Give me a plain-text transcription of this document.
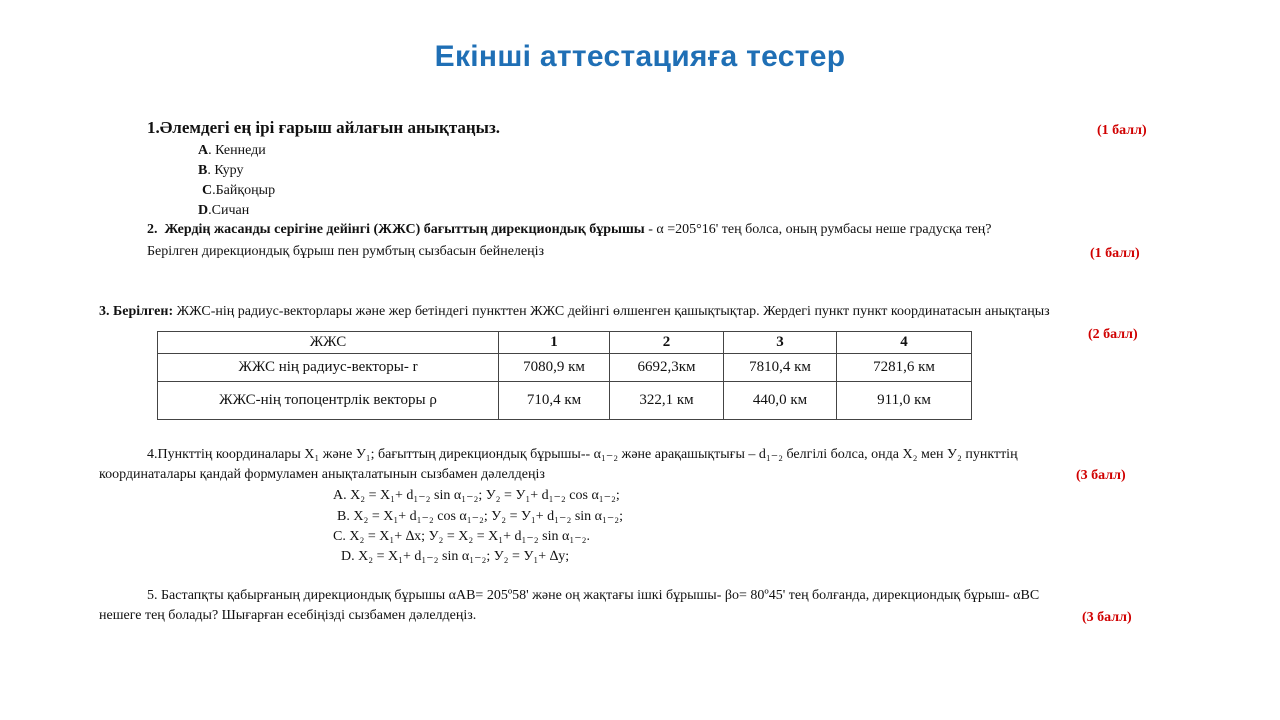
Екінші аттестацияға тестер
1.Әлемдегі ең ірі ғарыш айлағын анықтаңыз.	(1 балл)
A. Кеннеди
B. Куру
C.Байқоңыр
D.Сичан
2. Жердің жасанды серігіне дейінгі (ЖЖС) бағыттың дирекциондық бұрышы - α =205°16' тең болса, оның румбасы неше градусқа тең?
Берілген дирекциондық бұрыш пен румбтың сызбасын бейнелеңіз	(1 балл)
3. Берілген: ЖЖС-нің радиус-векторлары және жер бетіндегі пункттен ЖЖС дейінгі өлшенген қашықтықтар. Жердегі пункт пункт координатасын анықтаңыз
(2 балл)
ЖЖС	1	2	3	4
ЖЖС нің радиус-векторы- r	7080,9 км	6692,3км	7810,4 км	7281,6 км
ЖЖС-нің топоцентрлік векторы ρ	710,4 км	322,1 км	440,0 км	911,0 км
4.Пункттің координалары X₁ және У₁; бағыттың дирекциондық бұрышы-- α₁₋₂ және арақашықтығы – d₁₋₂ белгілі болса, онда X₂ мен У₂ пункттің
координаталары қандай формуламен анықталатынын сызбамен дәлелдеңіз	(3 балл)
A. X₂ = X₁+ d₁₋₂ sin α₁₋₂; У₂ = У₁+ d₁₋₂ cos α₁₋₂;
B. X₂ = X₁+ d₁₋₂ cos α₁₋₂; У₂ = У₁+ d₁₋₂ sin α₁₋₂;
C. X₂ = X₁+ ∆x; У₂ = X₂ = X₁+ d₁₋₂ sin α₁₋₂.
D. X₂ = X₁+ d₁₋₂ sin α₁₋₂; У₂ = У₁+ ∆y;
5. Бастапқты қабырғаның дирекциондық бұрышы αAB= 205º58' және оң жақтағы ішкі бұрышы- βo= 80º45' тең болғанда, дирекциондық бұрыш- αBC
нешеге тең болады? Шығарған есебіңізді сызбамен дәлелдеңіз.	(3 балл)
